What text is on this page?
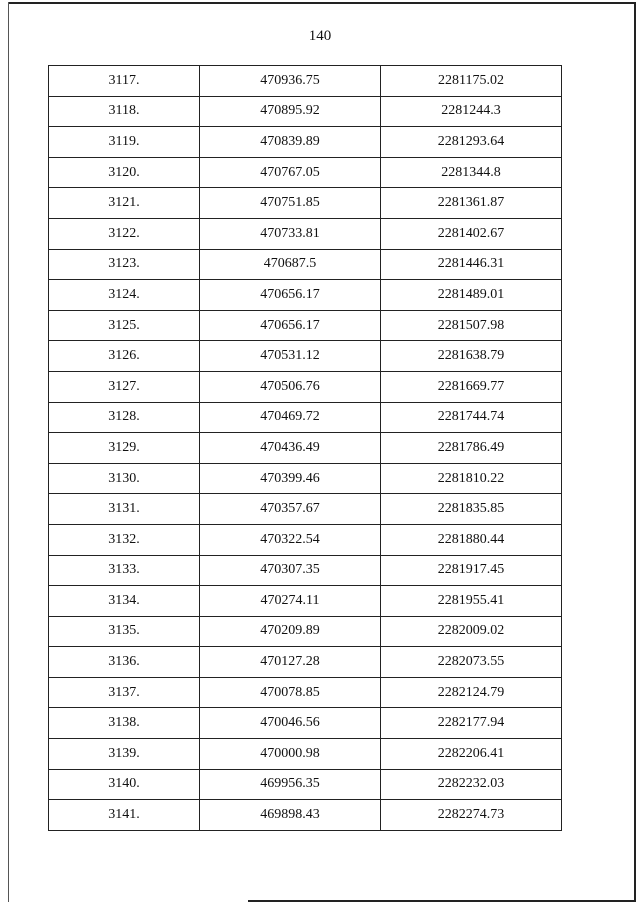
140
3117.	470936.75	2281175.02
3118.	470895.92	2281244.3
3119.	470839.89	2281293.64
3120.	470767.05	2281344.8
3121.	470751.85	2281361.87
3122.	470733.81	2281402.67
3123.	470687.5	2281446.31
3124.	470656.17	2281489.01
3125.	470656.17	2281507.98
3126.	470531.12	2281638.79
3127.	470506.76	2281669.77
3128.	470469.72	2281744.74
3129.	470436.49	2281786.49
3130.	470399.46	2281810.22
3131.	470357.67	2281835.85
3132.	470322.54	2281880.44
3133.	470307.35	2281917.45
3134.	470274.11	2281955.41
3135.	470209.89	2282009.02
3136.	470127.28	2282073.55
3137.	470078.85	2282124.79
3138.	470046.56	2282177.94
3139.	470000.98	2282206.41
3140.	469956.35	2282232.03
3141.	469898.43	2282274.73
